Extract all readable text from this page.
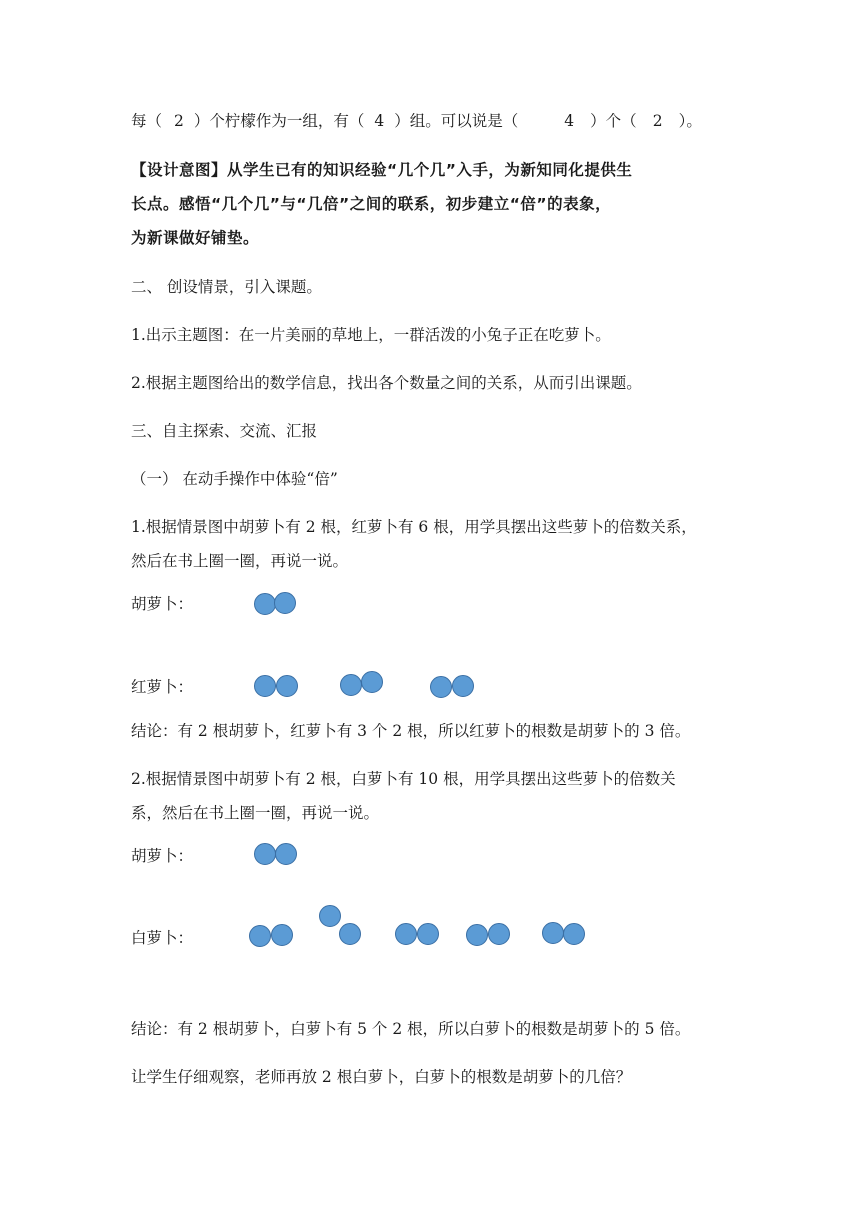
每（ 2 ）个柠檬作为一组，有（ 4 ）组。可以说是（	4 ）个（ 2 ）。
【设计意图】从学生已有的知识经验“几个几”入手，为新知同化提供生
长点。感悟“几个几”与“几倍”之间的联系，初步建立“倍”的表象，
为新课做好铺垫。
二、 创设情景，引入课题。
1.出示主题图：在一片美丽的草地上，一群活泼的小兔子正在吃萝卜。
2.根据主题图给出的数学信息，找出各个数量之间的关系，从而引出课题。
三、自主探索、交流、汇报
（一） 在动手操作中体验“倍”
1.根据情景图中胡萝卜有 2 根，红萝卜有 6 根，用学具摆出这些萝卜的倍数关系，
然后在书上圈一圈，再说一说。
胡萝卜：
红萝卜：
结论：有 2 根胡萝卜，红萝卜有 3 个 2 根，所以红萝卜的根数是胡萝卜的 3 倍。
2.根据情景图中胡萝卜有 2 根，白萝卜有 10 根，用学具摆出这些萝卜的倍数关
系，然后在书上圈一圈，再说一说。
胡萝卜：
白萝卜：
结论：有 2 根胡萝卜，白萝卜有 5 个 2 根，所以白萝卜的根数是胡萝卜的 5 倍。
让学生仔细观察，老师再放 2 根白萝卜，白萝卜的根数是胡萝卜的几倍？
